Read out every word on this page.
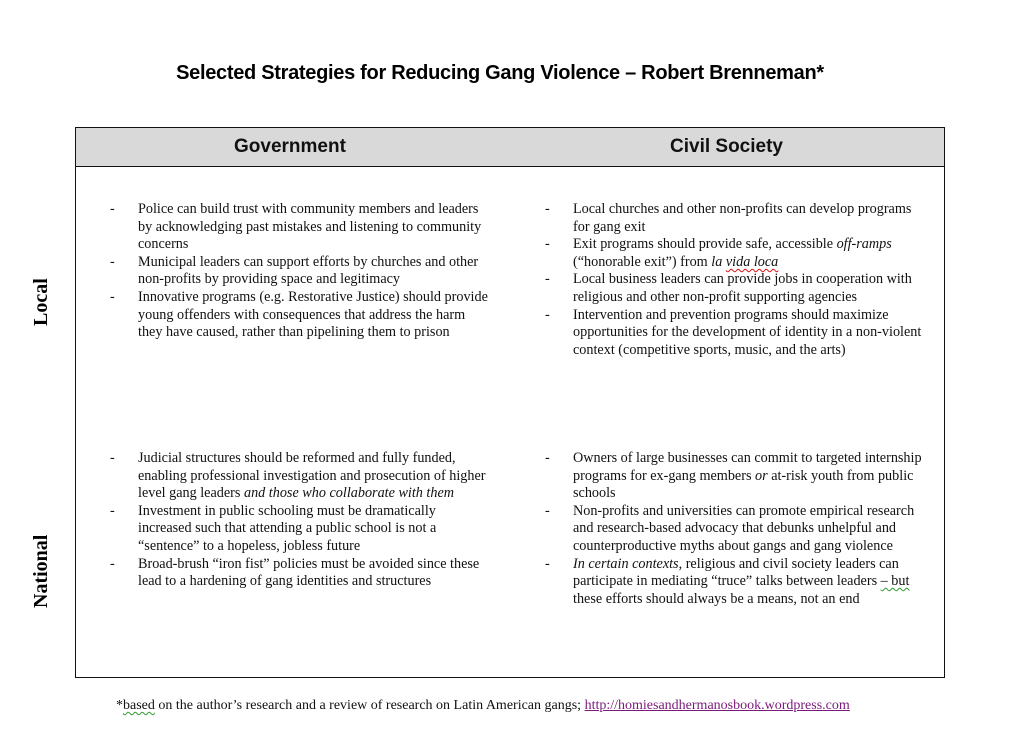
Selected Strategies for Reducing Gang Violence – Robert Brenneman*
Government	Civil Society
Local
National
- Police can build trust with community members and leaders by acknowledging past mistakes and listening to community concerns
- Municipal leaders can support efforts by churches and other non-profits by providing space and legitimacy
- Innovative programs (e.g. Restorative Justice) should provide young offenders with consequences that address the harm they have caused, rather than pipelining them to prison
- Local churches and other non-profits can develop programs for gang exit
- Exit programs should provide safe, accessible off-ramps (“honorable exit”) from la vida loca
- Local business leaders can provide jobs in cooperation with religious and other non-profit supporting agencies
- Intervention and prevention programs should maximize opportunities for the development of identity in a non-violent context (competitive sports, music, and the arts)
- Judicial structures should be reformed and fully funded, enabling professional investigation and prosecution of higher level gang leaders and those who collaborate with them
- Investment in public schooling must be dramatically increased such that attending a public school is not a “sentence” to a hopeless, jobless future
- Broad-brush “iron fist” policies must be avoided since these lead to a hardening of gang identities and structures
- Owners of large businesses can commit to targeted internship programs for ex-gang members or at-risk youth from public schools
- Non-profits and universities can promote empirical research and research-based advocacy that debunks unhelpful and counterproductive myths about gangs and gang violence
- In certain contexts, religious and civil society leaders can participate in mediating “truce” talks between leaders – but these efforts should always be a means, not an end
*based on the author’s research and a review of research on Latin American gangs; http://homiesandhermanosbook.wordpress.com
